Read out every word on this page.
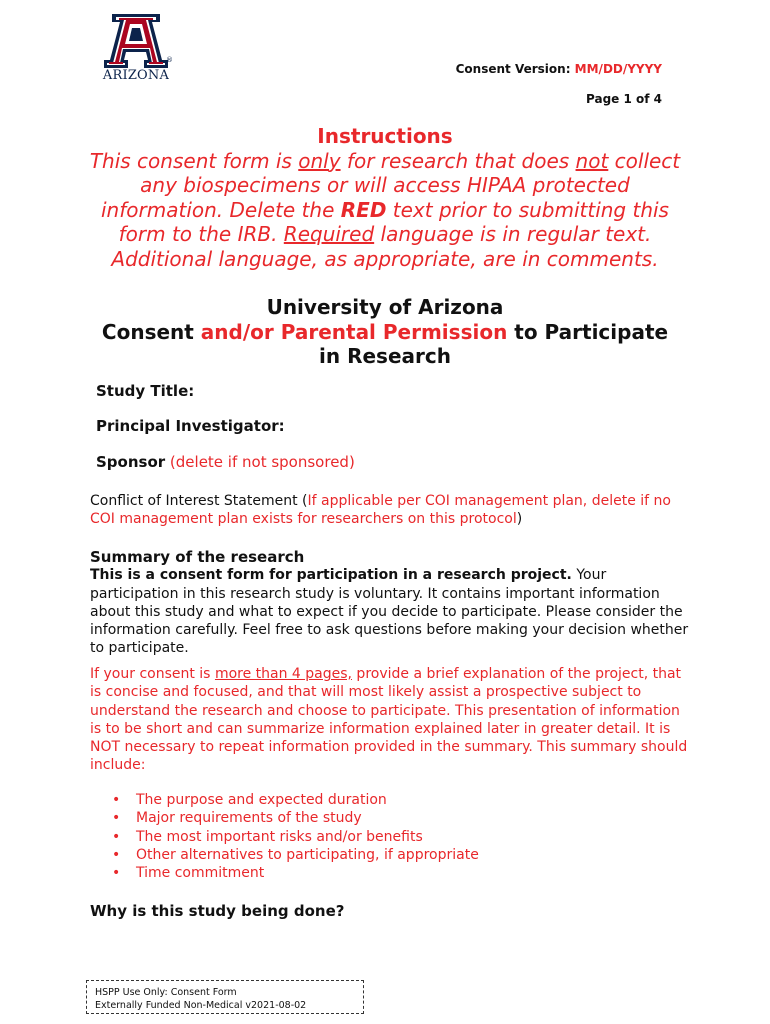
®
ARIZONA	Consent Version: MM/DD/YYYY
Page 1 of 4
Instructions
This consent form is only for research that does not collect any biospecimens or will access HIPAA protected information. Delete the RED text prior to submitting this form to the IRB. Required language is in regular text. Additional language, as appropriate, are in comments.
University of Arizona
Consent and/or Parental Permission to Participate
in Research
Study Title:
Principal Investigator:
Sponsor (delete if not sponsored)
Conflict of Interest Statement (If applicable per COI management plan, delete if no COI management plan exists for researchers on this protocol)
Summary of the research
This is a consent form for participation in a research project. Your participation in this research study is voluntary. It contains important information about this study and what to expect if you decide to participate. Please consider the information carefully. Feel free to ask questions before making your decision whether to participate.
If your consent is more than 4 pages, provide a brief explanation of the project, that is concise and focused, and that will most likely assist a prospective subject to understand the research and choose to participate. This presentation of information is to be short and can summarize information explained later in greater detail. It is NOT necessary to repeat information provided in the summary. This summary should include:
• The purpose and expected duration
• Major requirements of the study
• The most important risks and/or benefits
• Other alternatives to participating, if appropriate
• Time commitment
Why is this study being done?
HSPP Use Only: Consent Form
Externally Funded Non-Medical v2021-08-02
